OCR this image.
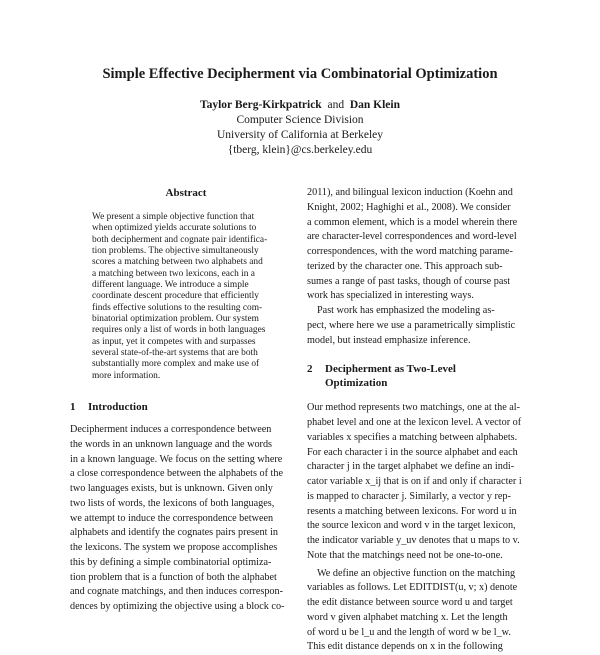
Simple Effective Decipherment via Combinatorial Optimization
Taylor Berg-Kirkpatrick and Dan Klein
Computer Science Division
University of California at Berkeley
{tberg, klein}@cs.berkeley.edu
Abstract
We present a simple objective function that
when optimized yields accurate solutions to
both decipherment and cognate pair identifica-
tion problems. The objective simultaneously
scores a matching between two alphabets and
a matching between two lexicons, each in a
different language. We introduce a simple
coordinate descent procedure that efficiently
finds effective solutions to the resulting com-
binatorial optimization problem. Our system
requires only a list of words in both languages
as input, yet it competes with and surpasses
several state-of-the-art systems that are both
substantially more complex and make use of
more information.
1 Introduction
Decipherment induces a correspondence between
the words in an unknown language and the words
in a known language. We focus on the setting where
a close correspondence between the alphabets of the
two languages exists, but is unknown. Given only
two lists of words, the lexicons of both languages,
we attempt to induce the correspondence between
alphabets and identify the cognates pairs present in
the lexicons. The system we propose accomplishes
this by defining a simple combinatorial optimiza-
tion problem that is a function of both the alphabet
and cognate matchings, and then induces correspon-
dences by optimizing the objective using a block co-
2011), and bilingual lexicon induction (Koehn and
Knight, 2002; Haghighi et al., 2008). We consider
a common element, which is a model wherein there
are character-level correspondences and word-level
correspondences, with the word matching parame-
terized by the character one. This approach sub-
sumes a range of past tasks, though of course past
work has specialized in interesting ways.
Past work has emphasized the modeling as-
pect, where here we use a parametrically simplistic
model, but instead emphasize inference.
2 Decipherment as Two-Level
Optimization
Our method represents two matchings, one at the al-
phabet level and one at the lexicon level. A vector of
variables x specifies a matching between alphabets.
For each character i in the source alphabet and each
character j in the target alphabet we define an indi-
cator variable x_ij that is on if and only if character i
is mapped to character j. Similarly, a vector y rep-
resents a matching between lexicons. For word u in
the source lexicon and word v in the target lexicon,
the indicator variable y_uv denotes that u maps to v.
Note that the matchings need not be one-to-one.
We define an objective function on the matching
variables as follows. Let EDITDIST(u, v; x) denote
the edit distance between source word u and target
word v given alphabet matching x. Let the length
of word u be l_u and the length of word w be l_w.
This edit distance depends on x in the following
